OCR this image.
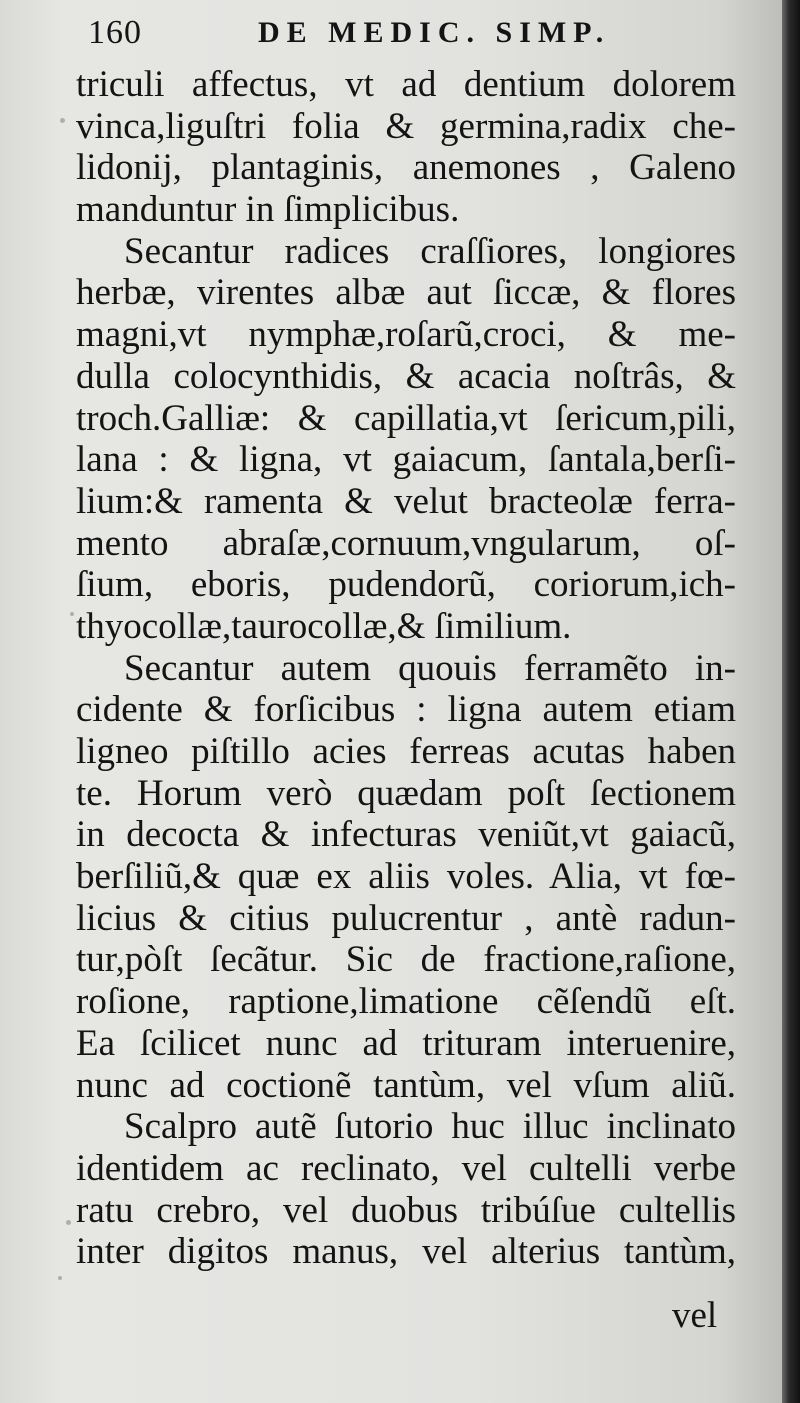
160	DE MEDIC. SIMP.
triculi affectus, vt ad dentium dolorem
vinca,liguſtri folia & germina,radix che-
lidonij, plantaginis, anemones , Galeno
manduntur in ſimplicibus.
Secantur radices craſſiores, longiores
herbæ, virentes albæ aut ſiccæ, & flores
magni,vt nymphæ,roſarũ,croci, & me-
dulla colocynthidis, & acacia noſtrâs, &
troch.Galliæ: & capillatia,vt ſericum,pili,
lana : & ligna, vt gaiacum, ſantala,berſi-
lium:& ramenta & velut bracteolæ ferra-
mento abraſæ,cornuum,vngularum, oſ-
ſium, eboris, pudendorũ, coriorum,ich-
thyocollæ,taurocollæ,& ſimilium.
Secantur autem quouis ferramẽto in-
cidente & forſicibus : ligna autem etiam
ligneo piſtillo acies ferreas acutas haben
te. Horum verò quædam poſt ſectionem
in decocta & infecturas veniũt,vt gaiacũ,
berſiliũ,& quæ ex aliis voles. Alia, vt fœ-
licius & citius pulucrentur , antè radun-
tur,pòſt ſecãtur. Sic de fractione,raſione,
roſione, raptione,limatione cẽſendũ eſt.
Ea ſcilicet nunc ad trituram interuenire,
nunc ad coctionẽ tantùm, vel vſum aliũ.
Scalpro autẽ ſutorio huc illuc inclinato
identidem ac reclinato, vel cultelli verbe
ratu crebro, vel duobus tribúſue cultellis
inter digitos manus, vel alterius tantùm,
vel
